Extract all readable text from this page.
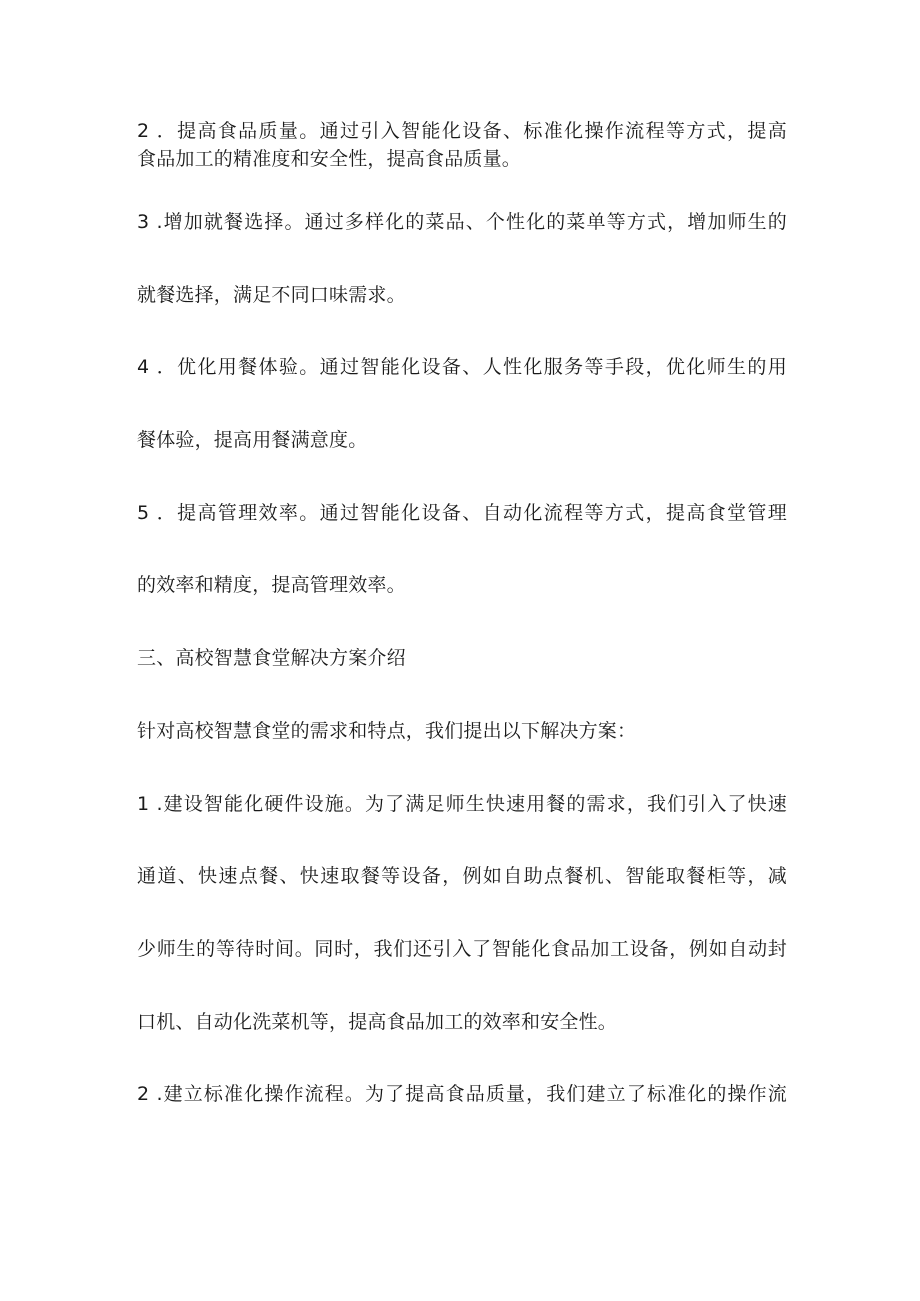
2 ．提高食品质量。通过引入智能化设备、标准化操作流程等方式，提高
食品加工的精准度和安全性，提高食品质量。
3 .增加就餐选择。通过多样化的菜品、个性化的菜单等方式，增加师生的
就餐选择，满足不同口味需求。
4 ．优化用餐体验。通过智能化设备、人性化服务等手段，优化师生的用
餐体验，提高用餐满意度。
5 ．提高管理效率。通过智能化设备、自动化流程等方式，提高食堂管理
的效率和精度，提高管理效率。
三、高校智慧食堂解决方案介绍
针对高校智慧食堂的需求和特点，我们提出以下解决方案：
1 .建设智能化硬件设施。为了满足师生快速用餐的需求，我们引入了快速
通道、快速点餐、快速取餐等设备，例如自助点餐机、智能取餐柜等，减
少师生的等待时间。同时，我们还引入了智能化食品加工设备，例如自动封
口机、自动化洗菜机等，提高食品加工的效率和安全性。
2 .建立标准化操作流程。为了提高食品质量，我们建立了标准化的操作流
